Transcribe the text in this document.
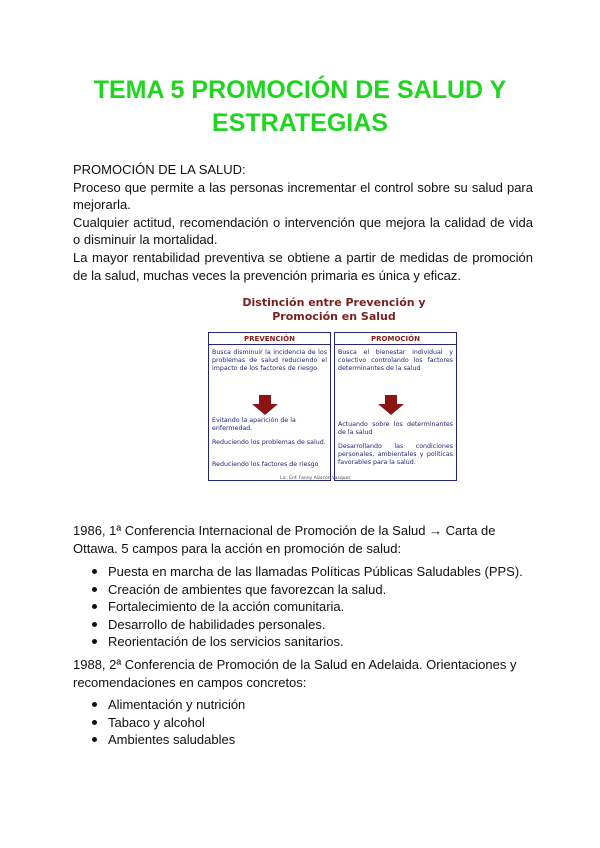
TEMA 5 PROMOCIÓN DE SALUD Y ESTRATEGIAS

PROMOCIÓN DE LA SALUD:

Proceso que permite a las personas incrementar el control sobre su salud para mejorarla.

Cualquier actitud, recomendación o intervención que mejora la calidad de vida o disminuir la mortalidad.

La mayor rentabilidad preventiva se obtiene a partir de medidas de promoción de la salud, muchas veces la prevención primaria es única y eficaz.

Distinción entre Prevención y
Promoción en Salud
PREVENCIÓN
Busca disminuir la incidencia de los problemas de salud reduciendo el impacto de los factores de riesgo
Evitando la aparición de la enfermedad.
Reduciendo los problemas de salud.
Reduciendo los factores de riesgo
PROMOCIÓN
Busca el bienestar individual y colectivo controlando los factores determinantes de la salud
Actuando sobre los determinantes de la salud
Desarrollando las condiciones personales, ambientales y políticas favorables para la salud.
Lic. Enf. Fanny Alarcón Vasquez

1986, 1ª Conferencia Internacional de Promoción de la Salud → Carta de Ottawa. 5 campos para la acción en promoción de salud:

Puesta en marcha de las llamadas Políticas Públicas Saludables (PPS).
Creación de ambientes que favorezcan la salud.
Fortalecimiento de la acción comunitaria.
Desarrollo de habilidades personales.
Reorientación de los servicios sanitarios.

1988, 2ª Conferencia de Promoción de la Salud en Adelaida. Orientaciones y recomendaciones en campos concretos:

Alimentación y nutrición
Tabaco y alcohol
Ambientes saludables
